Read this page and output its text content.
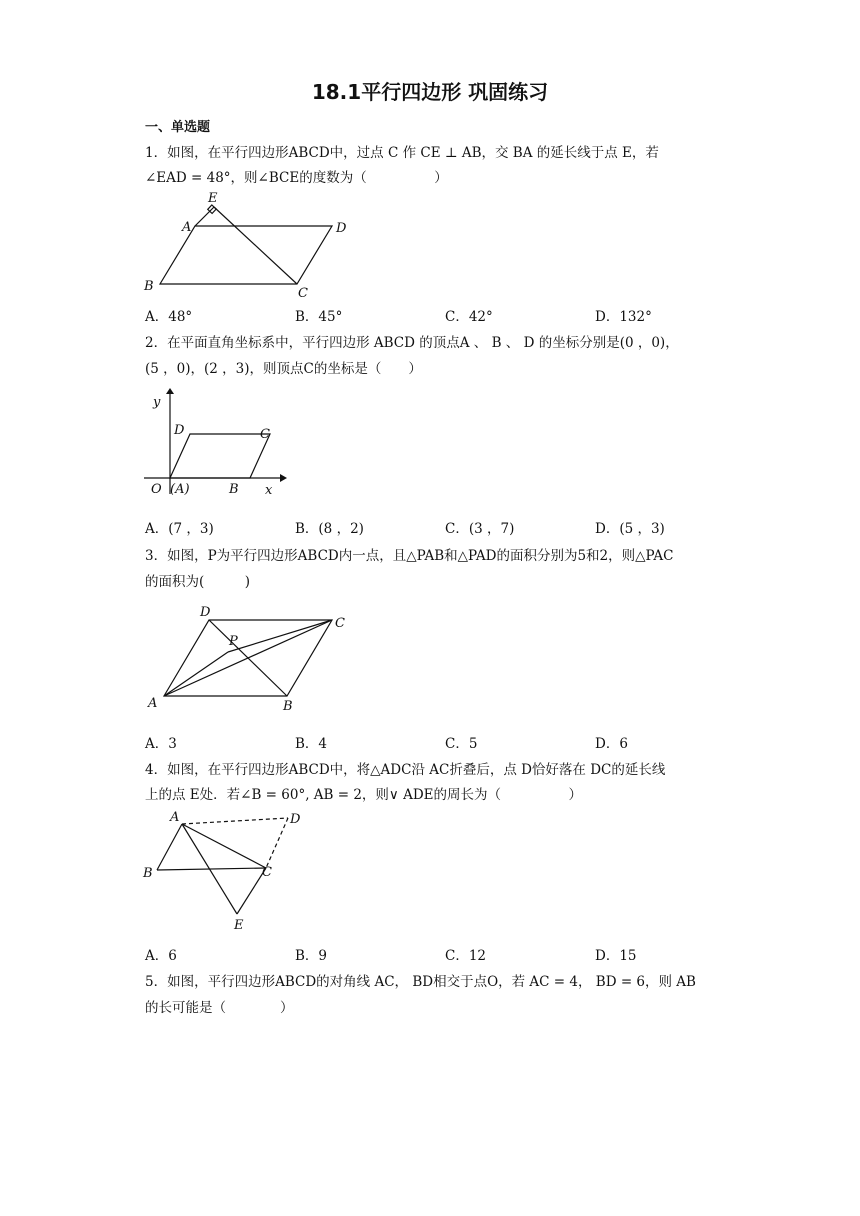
18.1平行四边形 巩固练习
一、单选题
1．如图，在平行四边形ABCD中，过点 C 作 CE ⊥ AB，交 BA 的延长线于点 E，若
∠EAD = 48°，则∠BCE的度数为（　　　　　）
E
A	D
B	C
A．48°	B．45°	C．42°	D．132°
2．在平面直角坐标系中，平行四边形 ABCD 的顶点A 、 B 、 D 的坐标分别是(0 ，0)，
(5 ，0)，(2 ，3)，则顶点C的坐标是（　　）
y
x
D	C
O (A)	B
A．(7 ，3)	B．(8 ，2)	C．(3 ，7)	D．(5 ，3)
3．如图，P为平行四边形ABCD内一点，且△PAB和△PAD的面积分别为5和2，则△PAC
的面积为(　　　)
D
P
C
A	B
A．3	B．4	C．5	D．6
4．如图，在平行四边形ABCD中，将△ADC沿 AC折叠后，点 D恰好落在 DC的延长线
上的点 E处．若∠B = 60°, AB = 2，则∨ ADE的周长为（　　　　　）
A	D
B	C
E
A．6	B．9	C．12	D．15
5．如图，平行四边形ABCD的对角线 AC， BD相交于点O，若 AC = 4， BD = 6，则 AB
的长可能是（　　　　）
